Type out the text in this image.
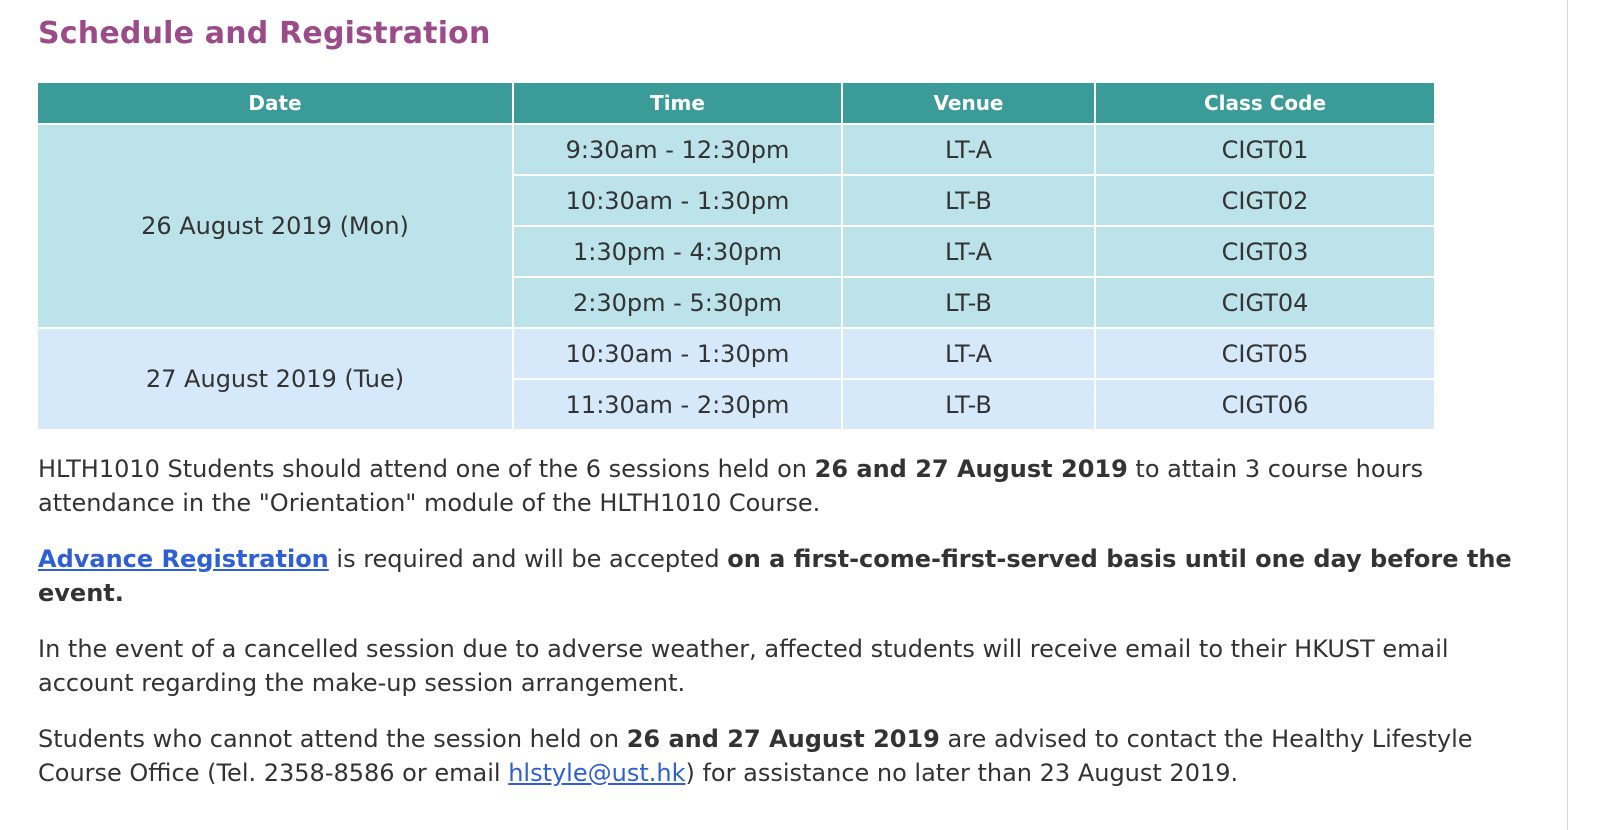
Schedule and Registration
Date	Time	Venue	Class Code
26 August 2019 (Mon)	9:30am - 12:30pm	LT-A	CIGT01
	10:30am - 1:30pm	LT-B	CIGT02
	1:30pm - 4:30pm	LT-A	CIGT03
	2:30pm - 5:30pm	LT-B	CIGT04
27 August 2019 (Tue)	10:30am - 1:30pm	LT-A	CIGT05
	11:30am - 2:30pm	LT-B	CIGT06

HLTH1010 Students should attend one of the 6 sessions held on 26 and 27 August 2019 to attain 3 course hours attendance in the "Orientation" module of the HLTH1010 Course.

Advance Registration is required and will be accepted on a first-come-first-served basis until one day before the event.

In the event of a cancelled session due to adverse weather, affected students will receive email to their HKUST email account regarding the make-up session arrangement.

Students who cannot attend the session held on 26 and 27 August 2019 are advised to contact the Healthy Lifestyle Course Office (Tel. 2358-8586 or email hlstyle@ust.hk) for assistance no later than 23 August 2019.
